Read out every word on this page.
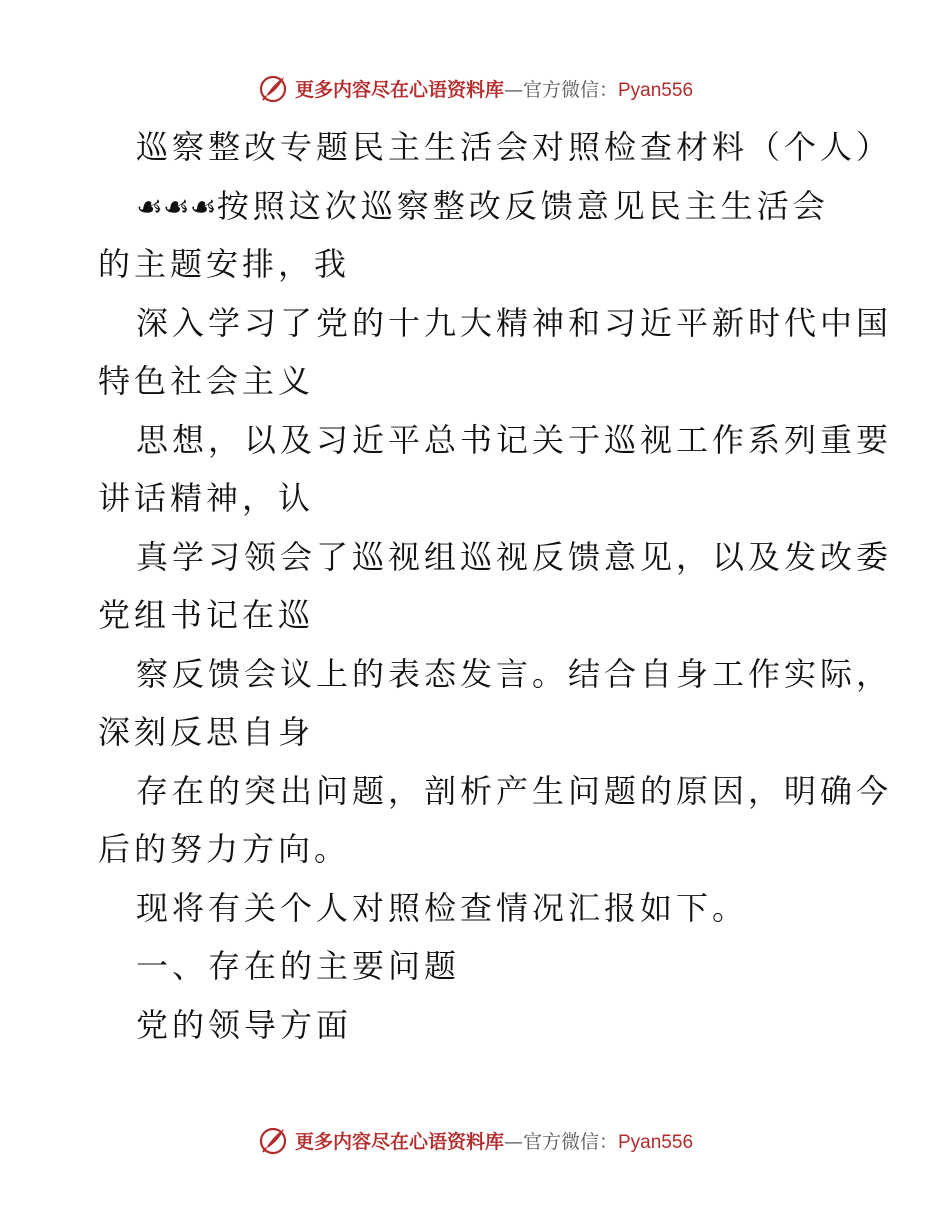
更多内容尽在心语资料库—官方微信：Pyan556
巡察整改专题民主生活会对照检查材料（个人）
☙☙☙按照这次巡察整改反馈意见民主生活会
的主题安排，我
深入学习了党的十九大精神和习近平新时代中国
特色社会主义
思想，以及习近平总书记关于巡视工作系列重要
讲话精神，认
真学习领会了巡视组巡视反馈意见，以及发改委
党组书记在巡
察反馈会议上的表态发言。结合自身工作实际，
深刻反思自身
存在的突出问题，剖析产生问题的原因，明确今
后的努力方向。
现将有关个人对照检查情况汇报如下。
一、存在的主要问题
党的领导方面
更多内容尽在心语资料库—官方微信：Pyan556
